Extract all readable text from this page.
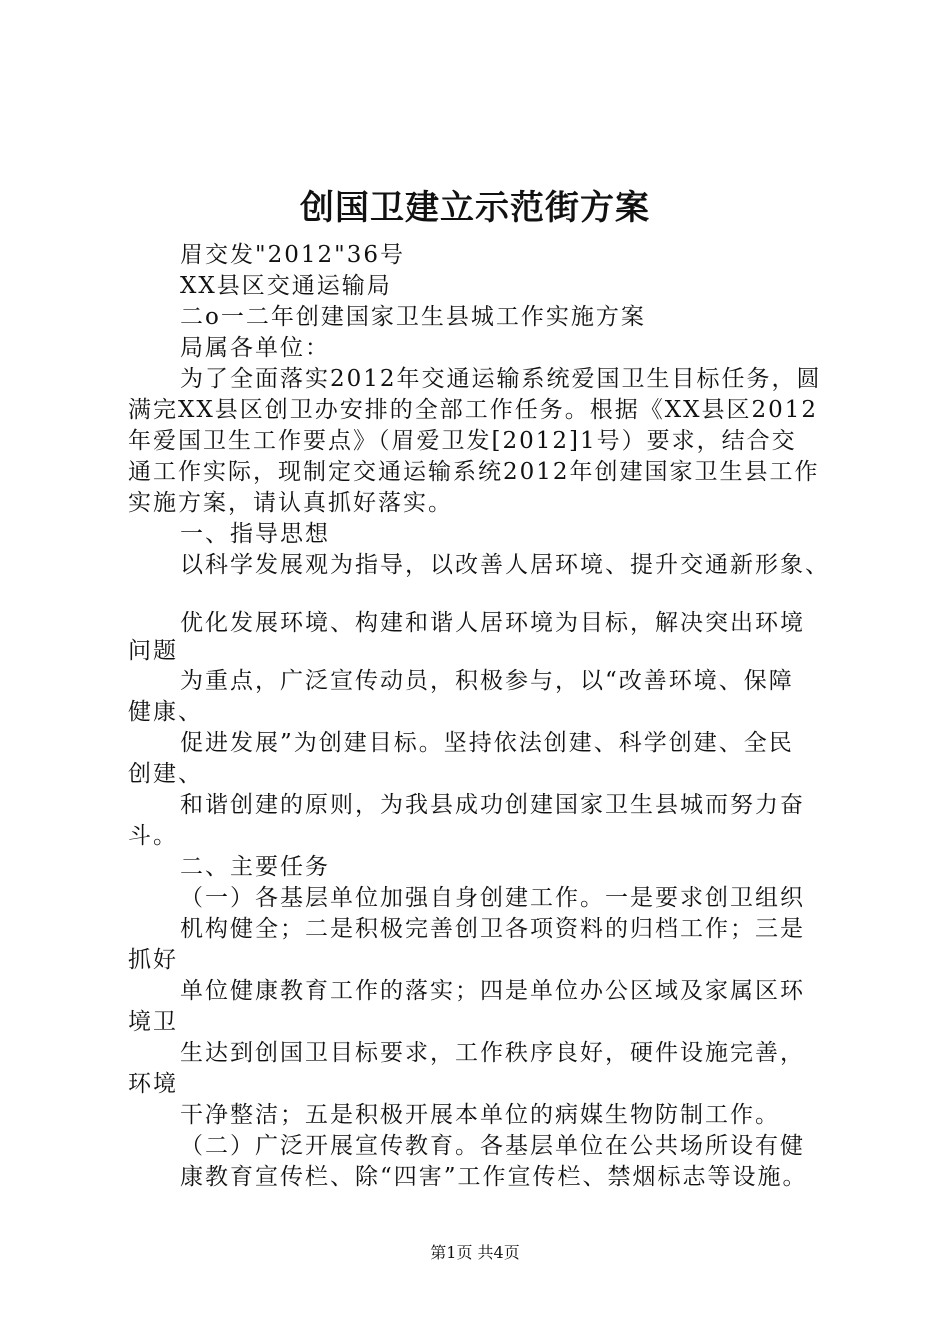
创国卫建立示范街方案
眉交发"2012"36号
XX县区交通运输局
二o一二年创建国家卫生县城工作实施方案
局属各单位：
为了全面落实2012年交通运输系统爱国卫生目标任务，圆
满完XX县区创卫办安排的全部工作任务。根据《XX县区2012
年爱国卫生工作要点》（眉爱卫发[2012]1号）要求，结合交
通工作实际，现制定交通运输系统2012年创建国家卫生县工作
实施方案，请认真抓好落实。
一、指导思想
以科学发展观为指导，以改善人居环境、提升交通新形象、
优化发展环境、构建和谐人居环境为目标，解决突出环境
问题
为重点，广泛宣传动员，积极参与，以“改善环境、保障
健康、
促进发展”为创建目标。坚持依法创建、科学创建、全民
创建、
和谐创建的原则，为我县成功创建国家卫生县城而努力奋
斗。
二、主要任务
（一）各基层单位加强自身创建工作。一是要求创卫组织
机构健全；二是积极完善创卫各项资料的归档工作；三是
抓好
单位健康教育工作的落实；四是单位办公区域及家属区环
境卫
生达到创国卫目标要求，工作秩序良好，硬件设施完善，
环境
干净整洁；五是积极开展本单位的病媒生物防制工作。
（二）广泛开展宣传教育。各基层单位在公共场所设有健
康教育宣传栏、除“四害”工作宣传栏、禁烟标志等设施。
第1页 共4页
